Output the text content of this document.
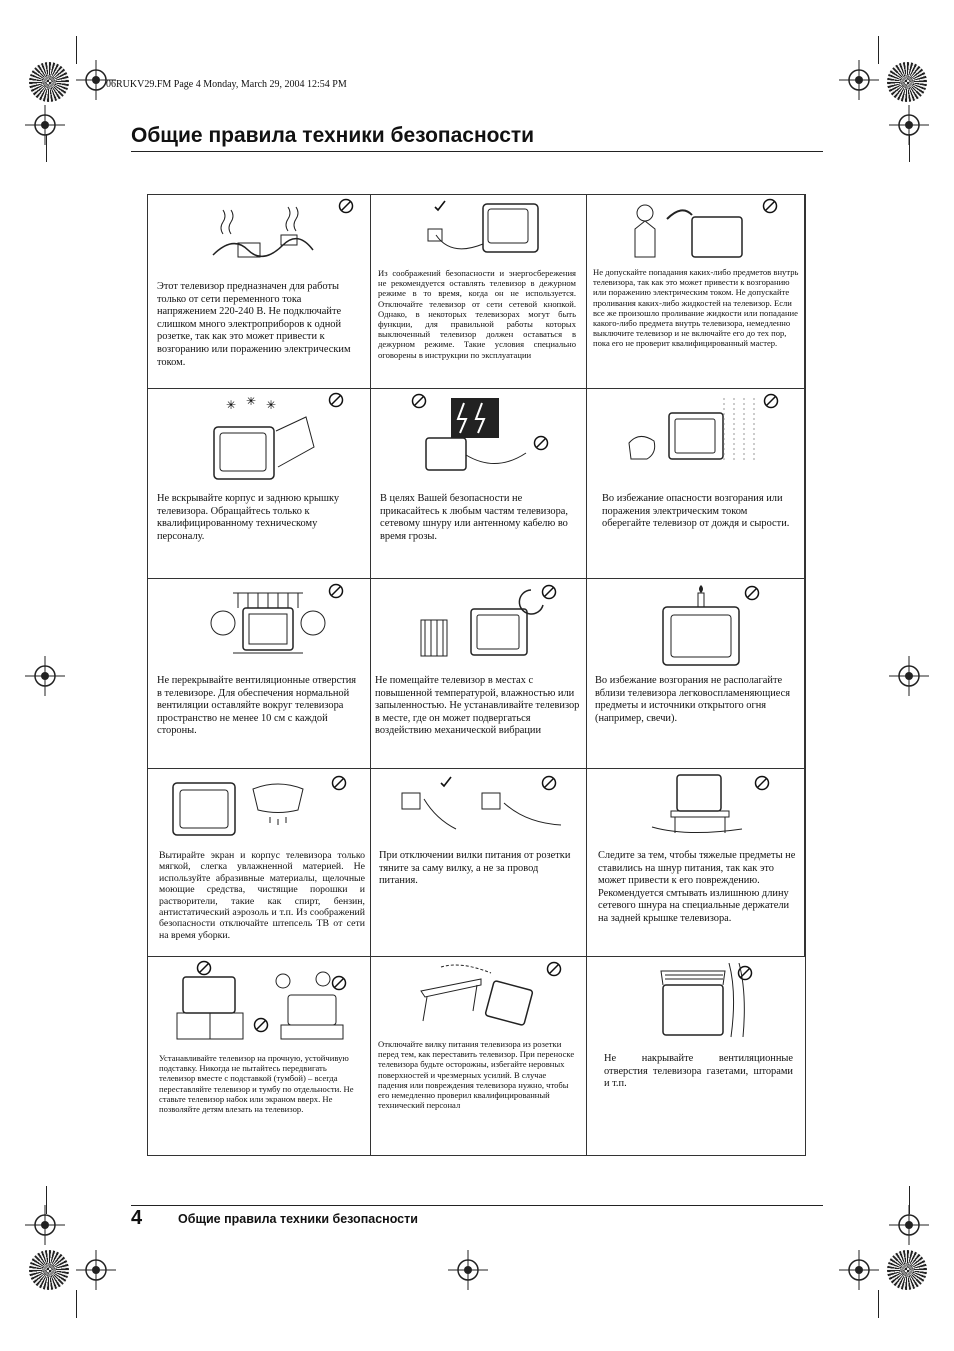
06RUKV29.FM Page 4 Monday, March 29, 2004 12:54 PM
Общие правила техники безопасности

Этот телевизор предназначен для работы только от сети переменного тока напряжением 220-240 В. Не подключайте слишком много электроприборов к одной розетке, так как это может привести к возгоранию или поражению электрическим током.

Из соображений безопасности и энергосбережения не рекомендуется оставлять телевизор в дежурном режиме в то время, когда он не используется. Отключайте телевизор от сети сетевой кнопкой. Однако, в некоторых телевизорах могут быть функции, для правильной работы которых выключенный телевизор должен оставаться в дежурном режиме. Такие условия специально оговорены в инструкции по эксплуатации

Не допускайте попадания каких-либо предметов внутрь телевизора, так как это может привести к возгоранию или поражению электрическим током. Не допускайте проливания каких-либо жидкостей на телевизор. Если все же произошло проливание жидкости или попадание какого-либо предмета внутрь телевизора, немедленно выключите телевизор и не включайте его до тех пор, пока его не проверит квалифицированный мастер.

✳ ✳ ✳

Не вскрывайте корпус и заднюю крышку телевизора. Обращайтесь только к квалифицированному техническому персоналу.

В целях Вашей безопасности не прикасайтесь к любым частям телевизора, сетевому шнуру или антенному кабелю во время грозы.

Во избежание опасности возгорания или поражения электрическим током оберегайте телевизор от дождя и сырости.

Не перекрывайте вентиляционные отверстия в телевизоре. Для обеспечения нормальной вентиляции оставляйте вокруг телевизора пространство не менее 10 см с каждой стороны.

Не помещайте телевизор в местах с повышенной температурой, влажностью или запыленностью. Не устанавливайте телевизор в месте, где он может подвергаться воздействию механической вибрации

Во избежание возгорания не располагайте вблизи телевизора легковоспламеняющиеся предметы и источники открытого огня (например, свечи).

Вытирайте экран и корпус телевизора только мягкой, слегка увлажненной материей. Не используйте абразивные материалы, щелочные моющие средства, чистящие порошки и растворители, такие как спирт, бензин, антистатический аэрозоль и т.п. Из соображений безопасности отключайте штепсель ТВ от сети на время уборки.

При отключении вилки питания от розетки тяните за саму вилку, а не за провод питания.

Следите за тем, чтобы тяжелые предметы не ставились на шнур питания, так как это может привести к его повреждению. Рекомендуется смтывать излишнюю длину сетевого шнура на специальные держатели на задней крышке телевизора.

Устанавливайте телевизор на прочную, устойчивую подставку. Никогда не пытайтесь передвигать телевизор вместе с подставкой (тумбой) – всегда переставляйте телевизор и тумбу по отдельности. Не ставьте телевизор набок или экраном вверх. Не позволяйте детям влезать на телевизор.

Отключайте вилку питания телевизора из розетки перед тем, как переставить телевизор. При переноске телевизора будьте осторожны, избегайте неровных поверхностей и чрезмерных усилий. В случае падения или повреждения телевизора нужно, чтобы его немедленно проверил квалифицированный технический персонал

Не накрывайте вентиляционные отверстия телевизора газетами, шторами и т.п.

4	Общие правила техники безопасности
